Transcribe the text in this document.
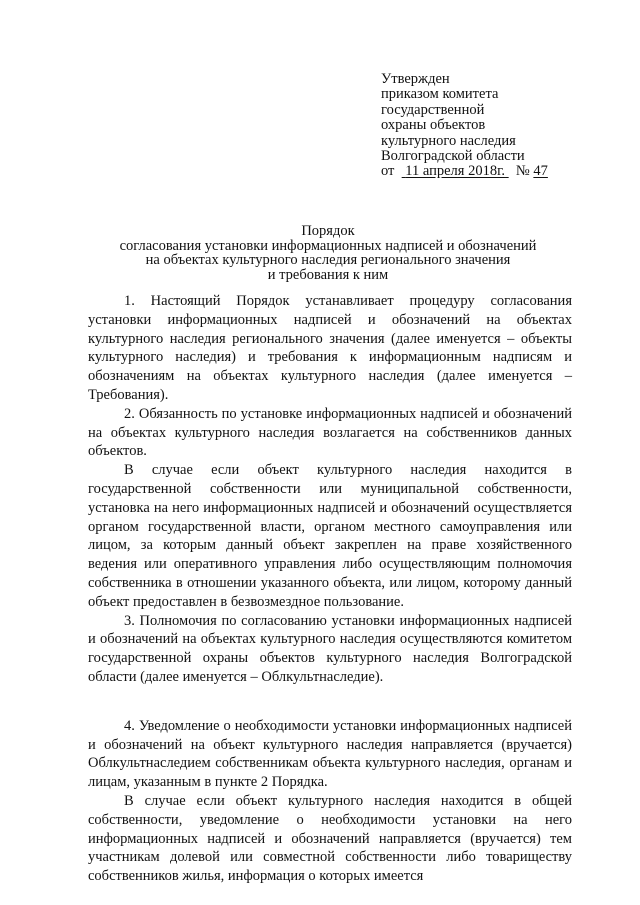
Утвержден
приказом комитета
государственной
охраны объектов
культурного наследия
Волгоградской области
от 11 апреля 2018г. № 47
Порядок
согласования установки информационных надписей и обозначений
на объектах культурного наследия регионального значения
и требования к ним

1. Настоящий Порядок устанавливает процедуру согласования установки информационных надписей и обозначений на объектах культурного наследия регионального значения (далее именуется – объекты культурного наследия) и требования к информационным надписям и обозначениям на объектах культурного наследия (далее именуется – Требования).

2. Обязанность по установке информационных надписей и обозначений на объектах культурного наследия возлагается на собственников данных объектов.

В случае если объект культурного наследия находится в государственной собственности или муниципальной собственности, установка на него информационных надписей и обозначений осуществляется органом государственной власти, органом местного самоуправления или лицом, за которым данный объект закреплен на праве хозяйственного ведения или оперативного управления либо осуществляющим полномочия собственника в отношении указанного объекта, или лицом, которому данный объект предоставлен в безвозмездное пользование.

3. Полномочия по согласованию установки информационных надписей и обозначений на объектах культурного наследия осуществляются комитетом государственной охраны объектов культурного наследия Волгоградской области (далее именуется – Облкультнаследие).

4. Уведомление о необходимости установки информационных надписей и обозначений на объект культурного наследия направляется (вручается) Облкультнаследием собственникам объекта культурного наследия, органам и лицам, указанным в пункте 2 Порядка.

В случае если объект культурного наследия находится в общей собственности, уведомление о необходимости установки на него информационных надписей и обозначений направляется (вручается) тем участникам долевой или совместной собственности либо товариществу собственников жилья, информация о которых имеется
